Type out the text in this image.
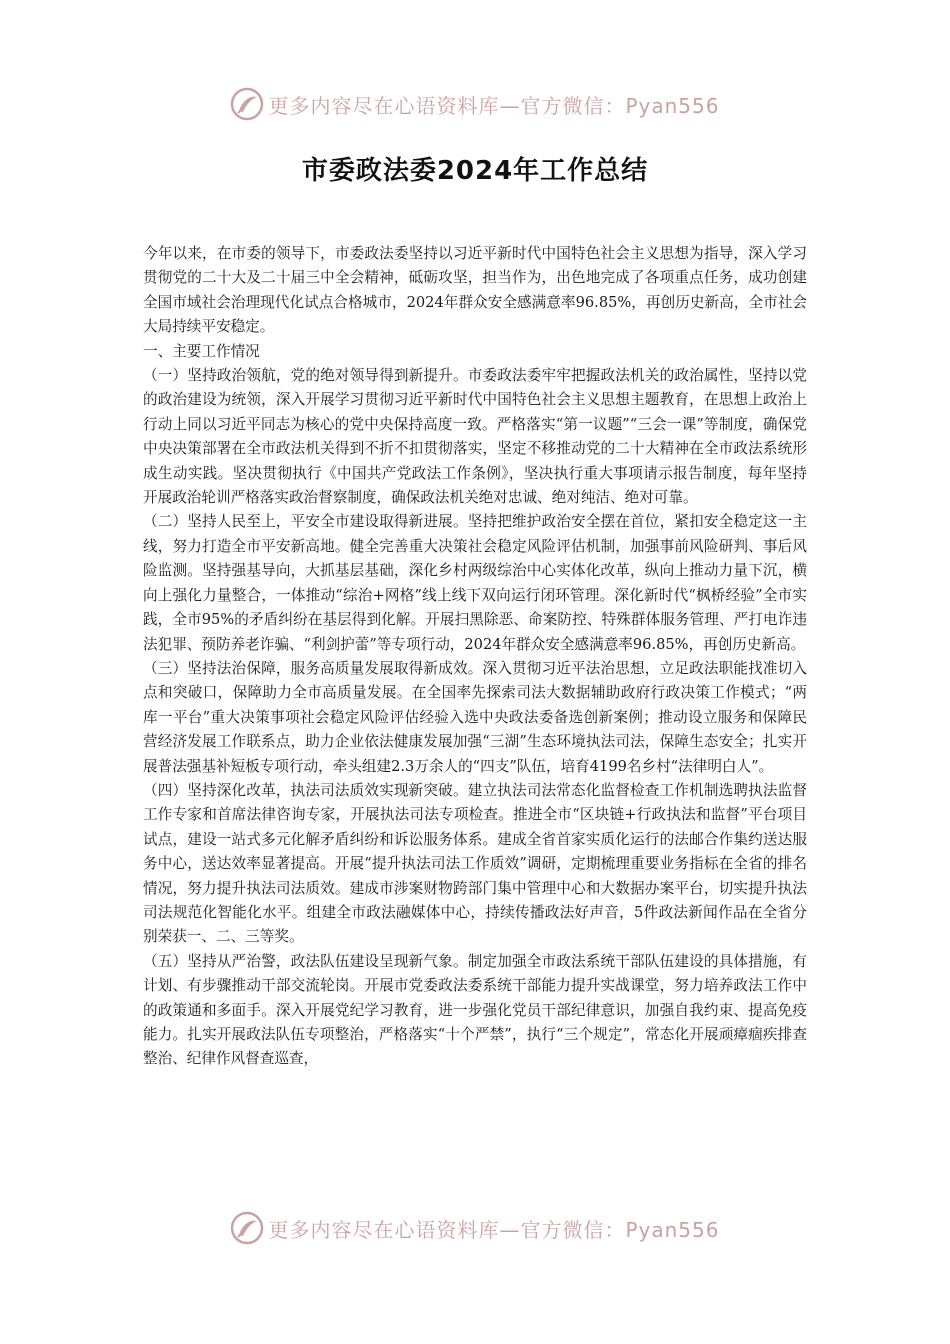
更多内容尽在心语资料库—官方微信：Pyan556
市委政法委2024年工作总结

今年以来，在市委的领导下，市委政法委坚持以习近平新时代中国特色社会主义思想为指导，深入学习贯彻党的二十大及二十届三中全会精神，砥砺攻坚，担当作为，出色地完成了各项重点任务，成功创建全国市域社会治理现代化试点合格城市，2024年群众安全感满意率96.85%，再创历史新高，全市社会大局持续平安稳定。

一、主要工作情况

（一）坚持政治领航，党的绝对领导得到新提升。市委政法委牢牢把握政法机关的政治属性，坚持以党的政治建设为统领，深入开展学习贯彻习近平新时代中国特色社会主义思想主题教育，在思想上政治上行动上同以习近平同志为核心的党中央保持高度一致。严格落实“第一议题”“三会一课”等制度，确保党中央决策部署在全市政法机关得到不折不扣贯彻落实，坚定不移推动党的二十大精神在全市政法系统形成生动实践。坚决贯彻执行《中国共产党政法工作条例》，坚决执行重大事项请示报告制度，每年坚持开展政治轮训严格落实政治督察制度，确保政法机关绝对忠诚、绝对纯洁、绝对可靠。

（二）坚持人民至上，平安全市建设取得新进展。坚持把维护政治安全摆在首位，紧扣安全稳定这一主线，努力打造全市平安新高地。健全完善重大决策社会稳定风险评估机制，加强事前风险研判、事后风险监测。坚持强基导向，大抓基层基础，深化乡村两级综治中心实体化改革，纵向上推动力量下沉，横向上强化力量整合，一体推动“综治+网格”线上线下双向运行闭环管理。深化新时代“枫桥经验”全市实践，全市95%的矛盾纠纷在基层得到化解。开展扫黑除恶、命案防控、特殊群体服务管理、严打电诈违法犯罪、预防养老诈骗、“利剑护蕾”等专项行动，2024年群众安全感满意率96.85%，再创历史新高。

（三）坚持法治保障，服务高质量发展取得新成效。深入贯彻习近平法治思想，立足政法职能找准切入点和突破口，保障助力全市高质量发展。在全国率先探索司法大数据辅助政府行政决策工作模式；“两库一平台”重大决策事项社会稳定风险评估经验入选中央政法委备选创新案例；推动设立服务和保障民营经济发展工作联系点，助力企业依法健康发展加强“三湖”生态环境执法司法，保障生态安全；扎实开展普法强基补短板专项行动，牵头组建2.3万余人的“四支”队伍，培育4199名乡村“法律明白人”。

（四）坚持深化改革，执法司法质效实现新突破。建立执法司法常态化监督检查工作机制选聘执法监督工作专家和首席法律咨询专家，开展执法司法专项检查。推进全市“区块链+行政执法和监督”平台项目试点，建设一站式多元化解矛盾纠纷和诉讼服务体系。建成全省首家实质化运行的法邮合作集约送达服务中心，送达效率显著提高。开展“提升执法司法工作质效”调研，定期梳理重要业务指标在全省的排名情况，努力提升执法司法质效。建成市涉案财物跨部门集中管理中心和大数据办案平台，切实提升执法司法规范化智能化水平。组建全市政法融媒体中心，持续传播政法好声音，5件政法新闻作品在全省分别荣获一、二、三等奖。

（五）坚持从严治警，政法队伍建设呈现新气象。制定加强全市政法系统干部队伍建设的具体措施，有计划、有步骤推动干部交流轮岗。开展市党委政法委系统干部能力提升实战课堂，努力培养政法工作中的政策通和多面手。深入开展党纪学习教育，进一步强化党员干部纪律意识，加强自我约束、提高免疫能力。扎实开展政法队伍专项整治，严格落实“十个严禁”，执行“三个规定”，常态化开展顽瘴痼疾排查整治、纪律作风督查巡查，

更多内容尽在心语资料库—官方微信：Pyan556
